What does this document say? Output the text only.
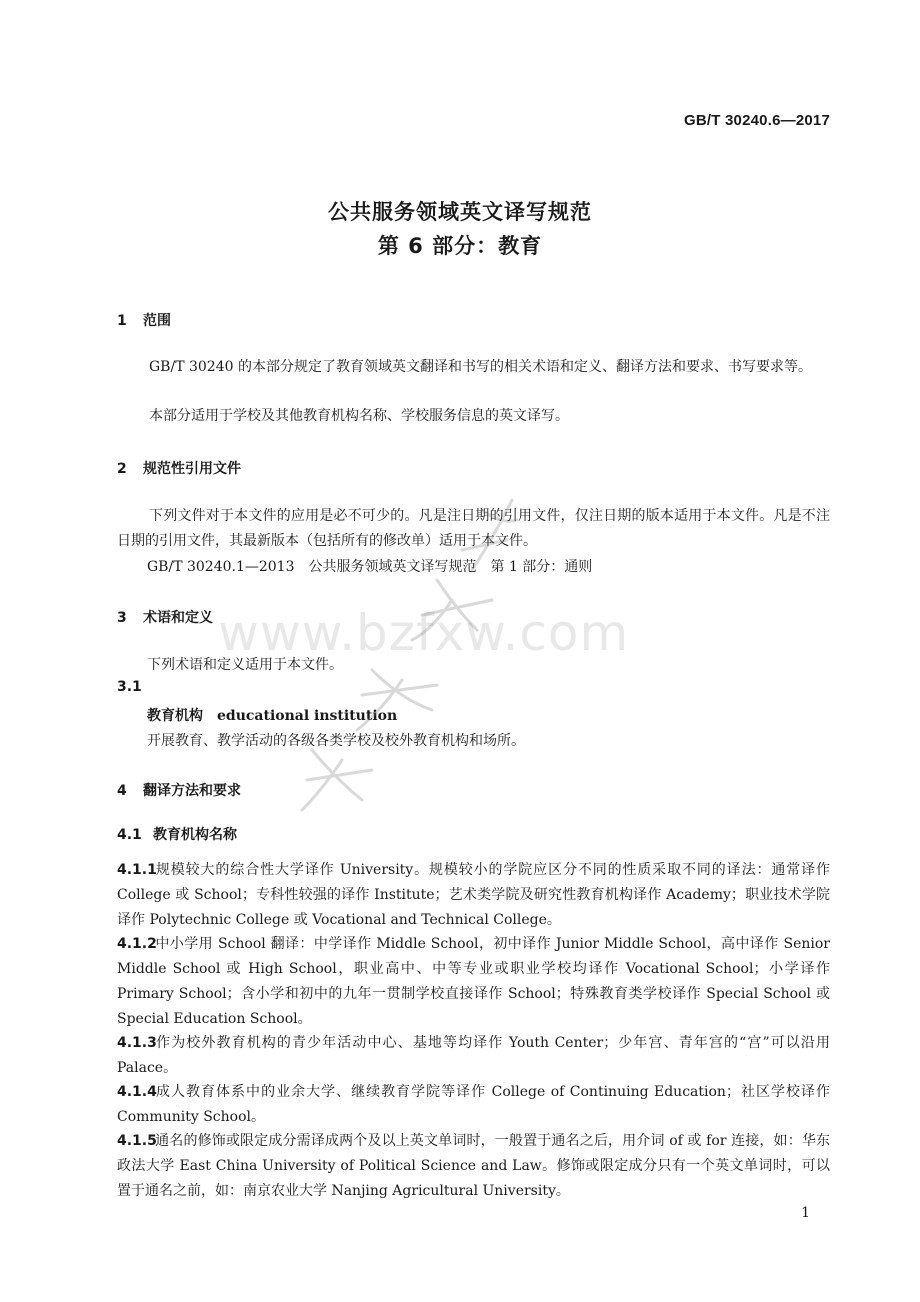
GB/T 30240.6—2017
公共服务领域英文译写规范
第 6 部分：教育
1 范围
GB/T 30240 的本部分规定了教育领域英文翻译和书写的相关术语和定义、翻译方法和要求、书写要求等。
本部分适用于学校及其他教育机构名称、学校服务信息的英文译写。
2 规范性引用文件
下列文件对于本文件的应用是必不可少的。凡是注日期的引用文件，仅注日期的版本适用于本文件。凡是不注日期的引用文件，其最新版本（包括所有的修改单）适用于本文件。
GB/T 30240.1—2013　公共服务领域英文译写规范　第 1 部分：通则
3 术语和定义
下列术语和定义适用于本文件。
3.1
教育机构 educational institution
开展教育、教学活动的各级各类学校及校外教育机构和场所。
4 翻译方法和要求
4.1 教育机构名称
4.1.1规模较大的综合性大学译作 University。规模较小的学院应区分不同的性质采取不同的译法：通常译作 College 或 School；专科性较强的译作 Institute；艺术类学院及研究性教育机构译作 Academy；职业技术学院译作 Polytechnic College 或 Vocational and Technical College。
4.1.2中小学用 School 翻译：中学译作 Middle School，初中译作 Junior Middle School，高中译作 Senior Middle School 或 High School，职业高中、中等专业或职业学校均译作 Vocational School；小学译作 Primary School；含小学和初中的九年一贯制学校直接译作 School；特殊教育类学校译作 Special School 或 Special Education School。
4.1.3作为校外教育机构的青少年活动中心、基地等均译作 Youth Center；少年宫、青年宫的“宫”可以沿用 Palace。
4.1.4成人教育体系中的业余大学、继续教育学院等译作 College of Continuing Education；社区学校译作 Community School。
4.1.5通名的修饰或限定成分需译成两个及以上英文单词时，一般置于通名之后，用介词 of 或 for 连接，如：华东政法大学 East China University of Political Science and Law。修饰或限定成分只有一个英文单词时，可以置于通名之前，如：南京农业大学 Nanjing Agricultural University。
www.bzfxw.com
1
